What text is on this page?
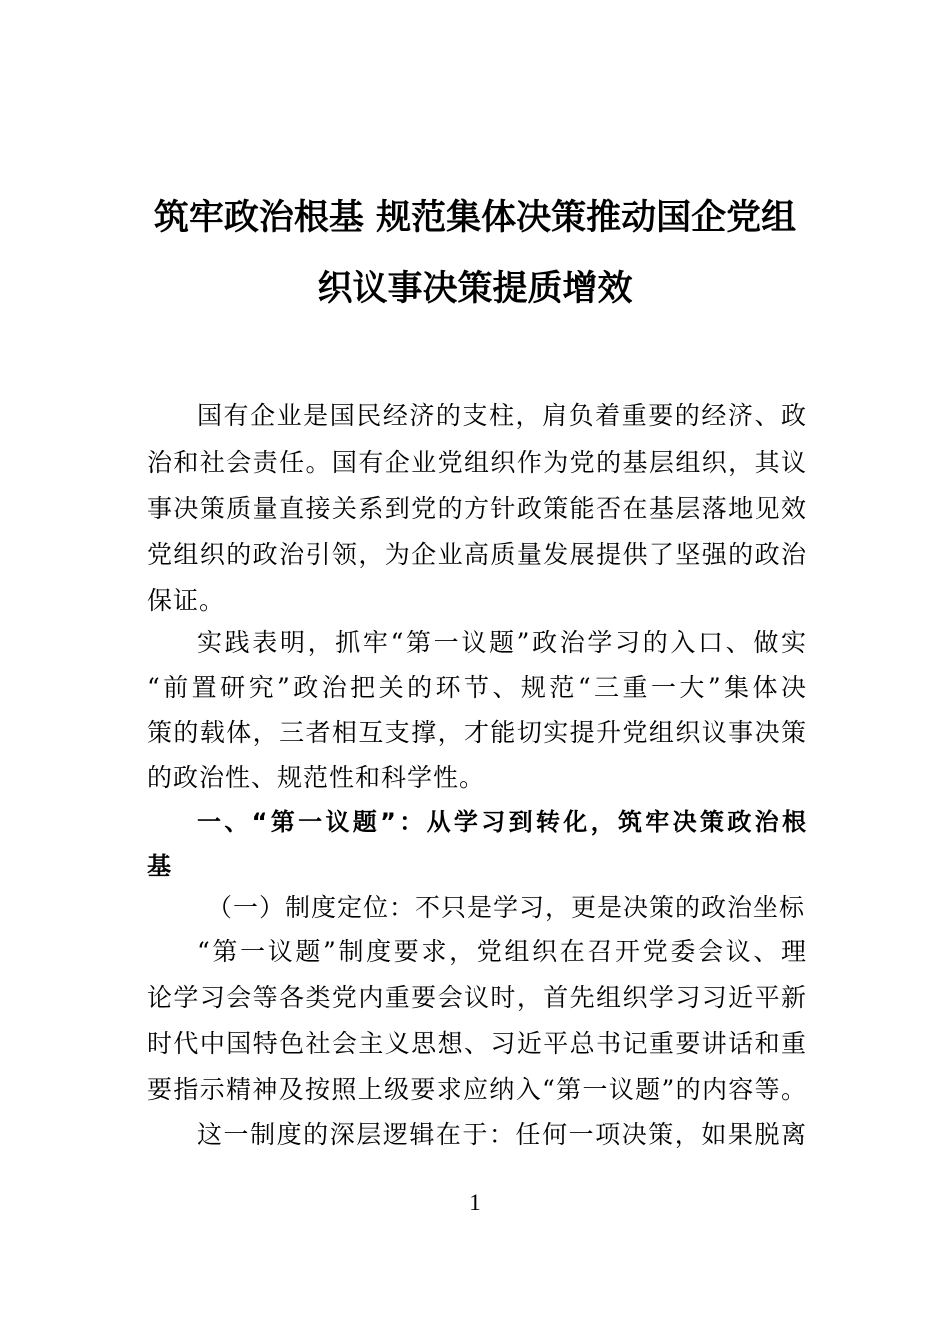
筑牢政治根基 规范集体决策推动国企党组
织议事决策提质增效
国有企业是国民经济的支柱，肩负着重要的经济、政
治和社会责任。国有企业党组织作为党的基层组织，其议
事决策质量直接关系到党的方针政策能否在基层落地见效
党组织的政治引领，为企业高质量发展提供了坚强的政治
保证。
实践表明，抓牢“第一议题”政治学习的入口、做实
“前置研究”政治把关的环节、规范“三重一大”集体决
策的载体，三者相互支撑，才能切实提升党组织议事决策
的政治性、规范性和科学性。
一、“第一议题”：从学习到转化，筑牢决策政治根
基
（一）制度定位：不只是学习，更是决策的政治坐标
“第一议题”制度要求，党组织在召开党委会议、理
论学习会等各类党内重要会议时，首先组织学习习近平新
时代中国特色社会主义思想、习近平总书记重要讲话和重
要指示精神及按照上级要求应纳入“第一议题”的内容等。
这一制度的深层逻辑在于：任何一项决策，如果脱离
1
